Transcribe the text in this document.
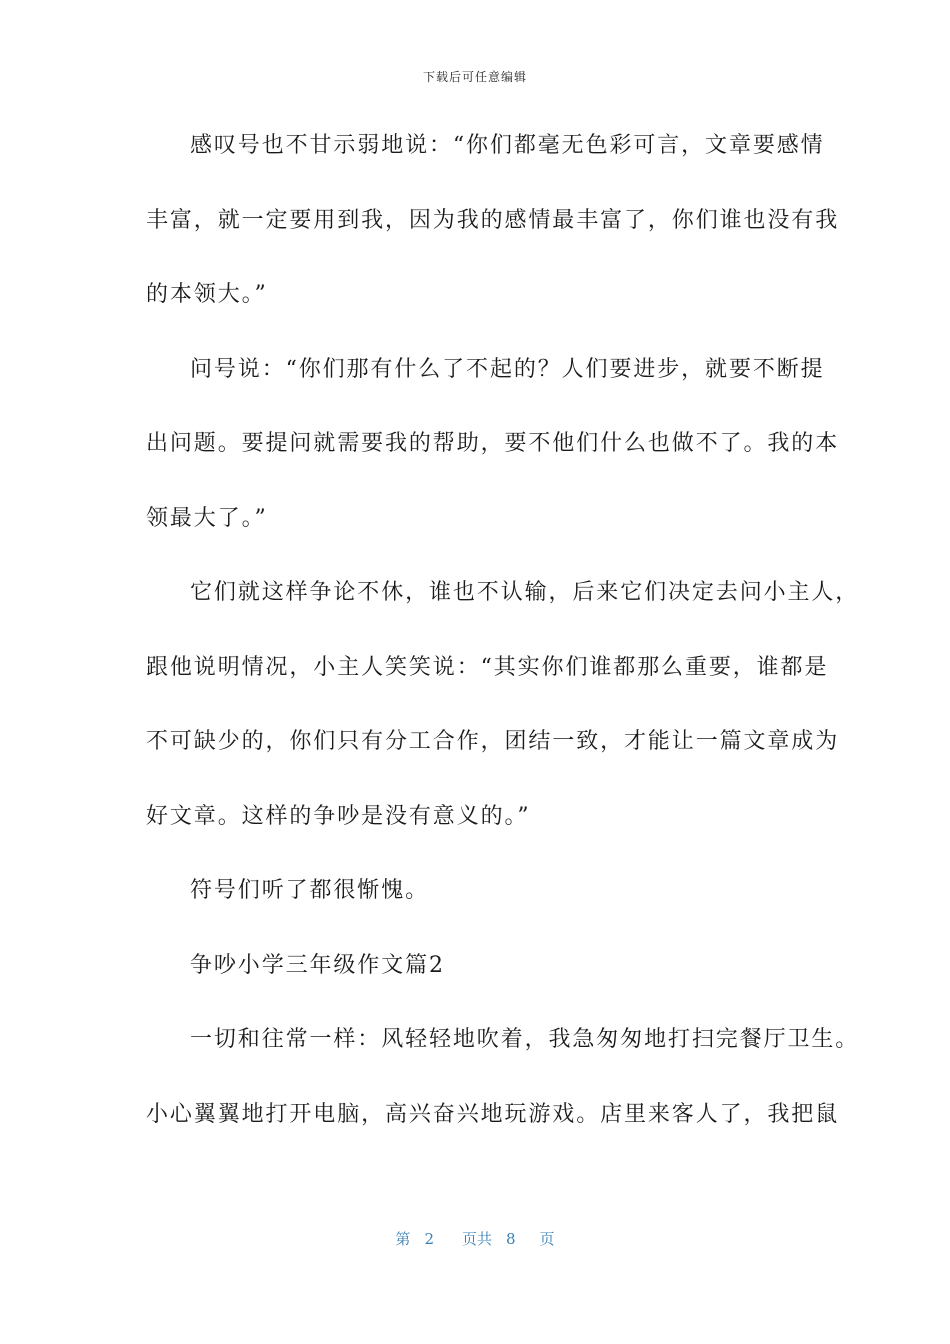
下载后可任意编辑
感叹号也不甘示弱地说：“你们都毫无色彩可言，文章要感情
丰富，就一定要用到我，因为我的感情最丰富了，你们谁也没有我
的本领大。”
问号说：“你们那有什么了不起的？人们要进步，就要不断提
出问题。要提问就需要我的帮助，要不他们什么也做不了。我的本
领最大了。”
它们就这样争论不休，谁也不认输，后来它们决定去问小主人，
跟他说明情况，小主人笑笑说：“其实你们谁都那么重要，谁都是
不可缺少的，你们只有分工合作，团结一致，才能让一篇文章成为
好文章。这样的争吵是没有意义的。”
符号们听了都很惭愧。
争吵小学三年级作文篇2
一切和往常一样：风轻轻地吹着，我急匆匆地打扫完餐厅卫生。
小心翼翼地打开电脑，高兴奋兴地玩游戏。店里来客人了，我把鼠
第 2 页共 8 页
